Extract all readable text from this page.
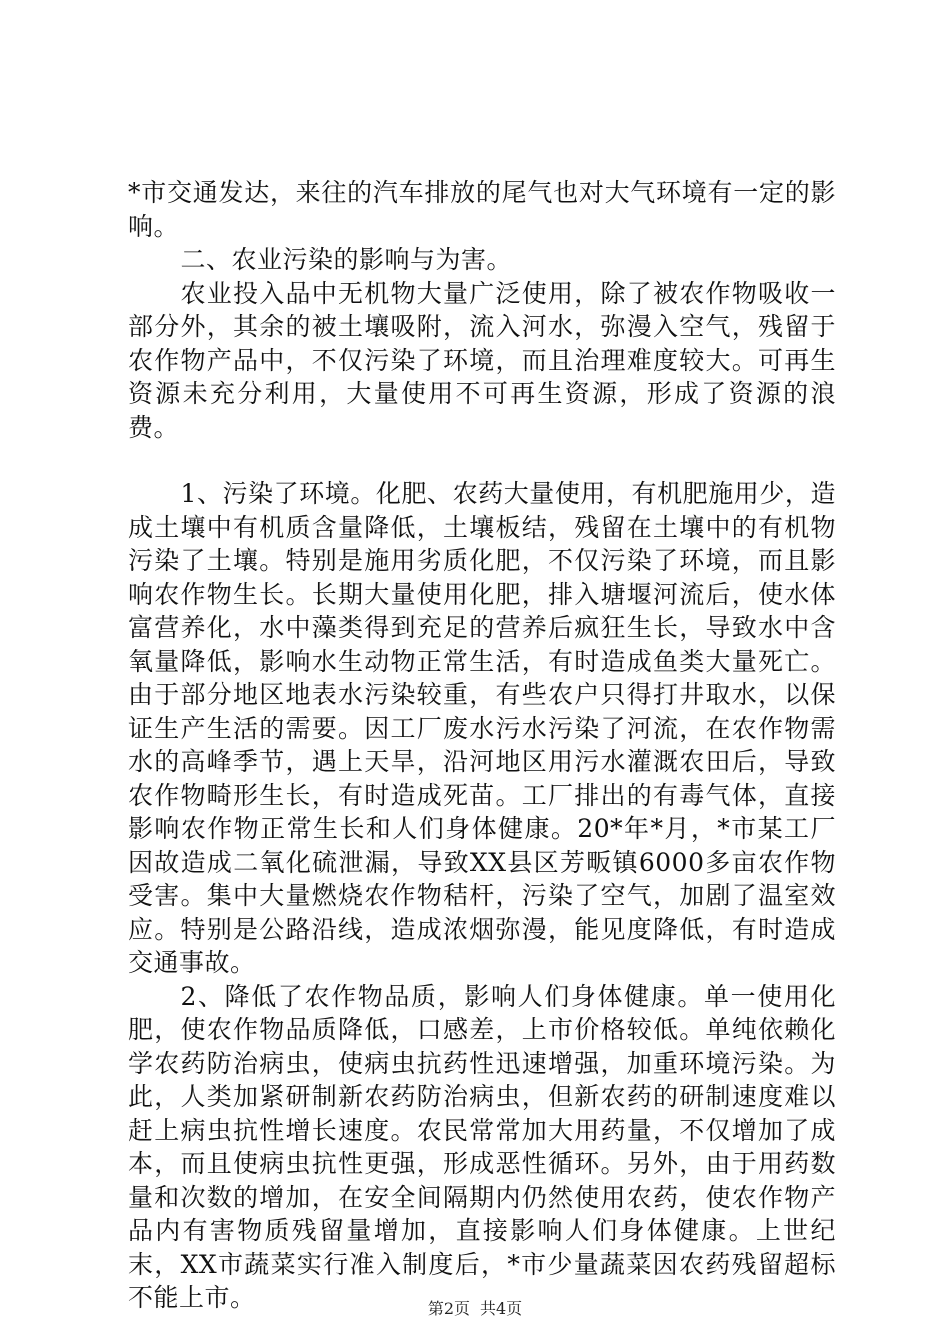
*市交通发达，来往的汽车排放的尾气也对大气环境有一定的影响。

二、农业污染的影响与为害。

农业投入品中无机物大量广泛使用，除了被农作物吸收一部分外，其余的被土壤吸附，流入河水，弥漫入空气，残留于农作物产品中，不仅污染了环境，而且治理难度较大。可再生资源未充分利用，大量使用不可再生资源，形成了资源的浪费。

1、污染了环境。化肥、农药大量使用，有机肥施用少，造成土壤中有机质含量降低，土壤板结，残留在土壤中的有机物污染了土壤。特别是施用劣质化肥，不仅污染了环境，而且影响农作物生长。长期大量使用化肥，排入塘堰河流后，使水体富营养化，水中藻类得到充足的营养后疯狂生长，导致水中含氧量降低，影响水生动物正常生活，有时造成鱼类大量死亡。由于部分地区地表水污染较重，有些农户只得打井取水，以保证生产生活的需要。因工厂废水污水污染了河流，在农作物需水的高峰季节，遇上天旱，沿河地区用污水灌溉农田后，导致农作物畸形生长，有时造成死苗。工厂排出的有毒气体，直接影响农作物正常生长和人们身体健康。20*年*月，*市某工厂因故造成二氧化硫泄漏，导致XX县区芳畈镇6000多亩农作物受害。集中大量燃烧农作物秸杆，污染了空气，加剧了温室效应。特别是公路沿线，造成浓烟弥漫，能见度降低，有时造成交通事故。

2、降低了农作物品质，影响人们身体健康。单一使用化肥，使农作物品质降低，口感差，上市价格较低。单纯依赖化学农药防治病虫，使病虫抗药性迅速增强，加重环境污染。为此，人类加紧研制新农药防治病虫，但新农药的研制速度难以赶上病虫抗性增长速度。农民常常加大用药量，不仅增加了成本，而且使病虫抗性更强，形成恶性循环。另外，由于用药数量和次数的增加，在安全间隔期内仍然使用农药，使农作物产品内有害物质残留量增加，直接影响人们身体健康。上世纪末，XX市蔬菜实行准入制度后，*市少量蔬菜因农药残留超标不能上市。	第2页 共4页
